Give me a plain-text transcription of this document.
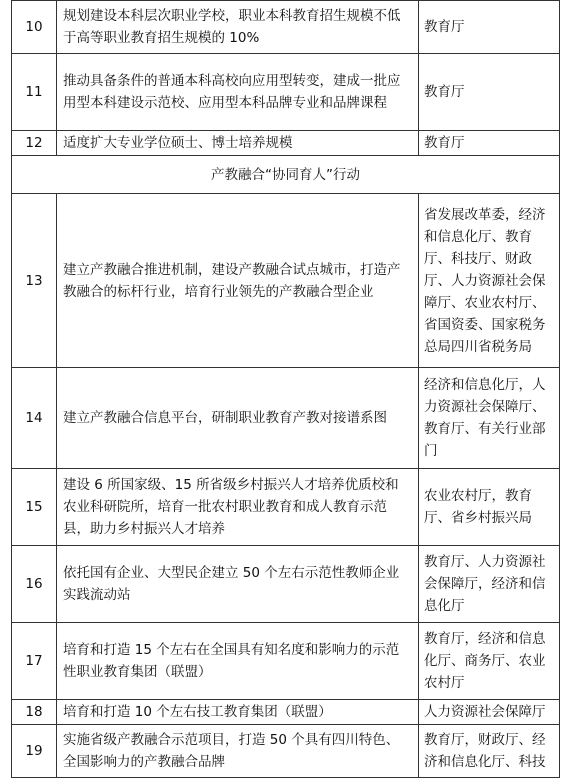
10	规划建设本科层次职业学校，职业本科教育招生规模不低于高等职业教育招生规模的 10%	教育厅
11	推动具备条件的普通本科高校向应用型转变，建成一批应用型本科建设示范校、应用型本科品牌专业和品牌课程	教育厅
12	适度扩大专业学位硕士、博士培养规模	教育厅
产教融合“协同育人”行动		
13	建立产教融合推进机制，建设产教融合试点城市，打造产教融合的标杆行业，培育行业领先的产教融合型企业	省发展改革委，经济和信息化厅、教育厅、科技厅、财政厅、人力资源社会保障厅、农业农村厅、省国资委、国家税务总局四川省税务局
14	建立产教融合信息平台，研制职业教育产教对接谱系图	经济和信息化厅，人力资源社会保障厅、教育厅、有关行业部门
15	建设 6 所国家级、15 所省级乡村振兴人才培养优质校和农业科研院所，培育一批农村职业教育和成人教育示范县，助力乡村振兴人才培养	农业农村厅，教育厅、省乡村振兴局
16	依托国有企业、大型民企建立 50 个左右示范性教师企业实践流动站	教育厅、人力资源社会保障厅，经济和信息化厅
17	培育和打造 15 个左右在全国具有知名度和影响力的示范性职业教育集团（联盟）	教育厅，经济和信息化厅、商务厅、农业农村厅
18	培育和打造 10 个左右技工教育集团（联盟）	人力资源社会保障厅
19	实施省级产教融合示范项目，打造 50 个具有四川特色、全国影响力的产教融合品牌	教育厅，财政厅、经济和信息化厅、科技
